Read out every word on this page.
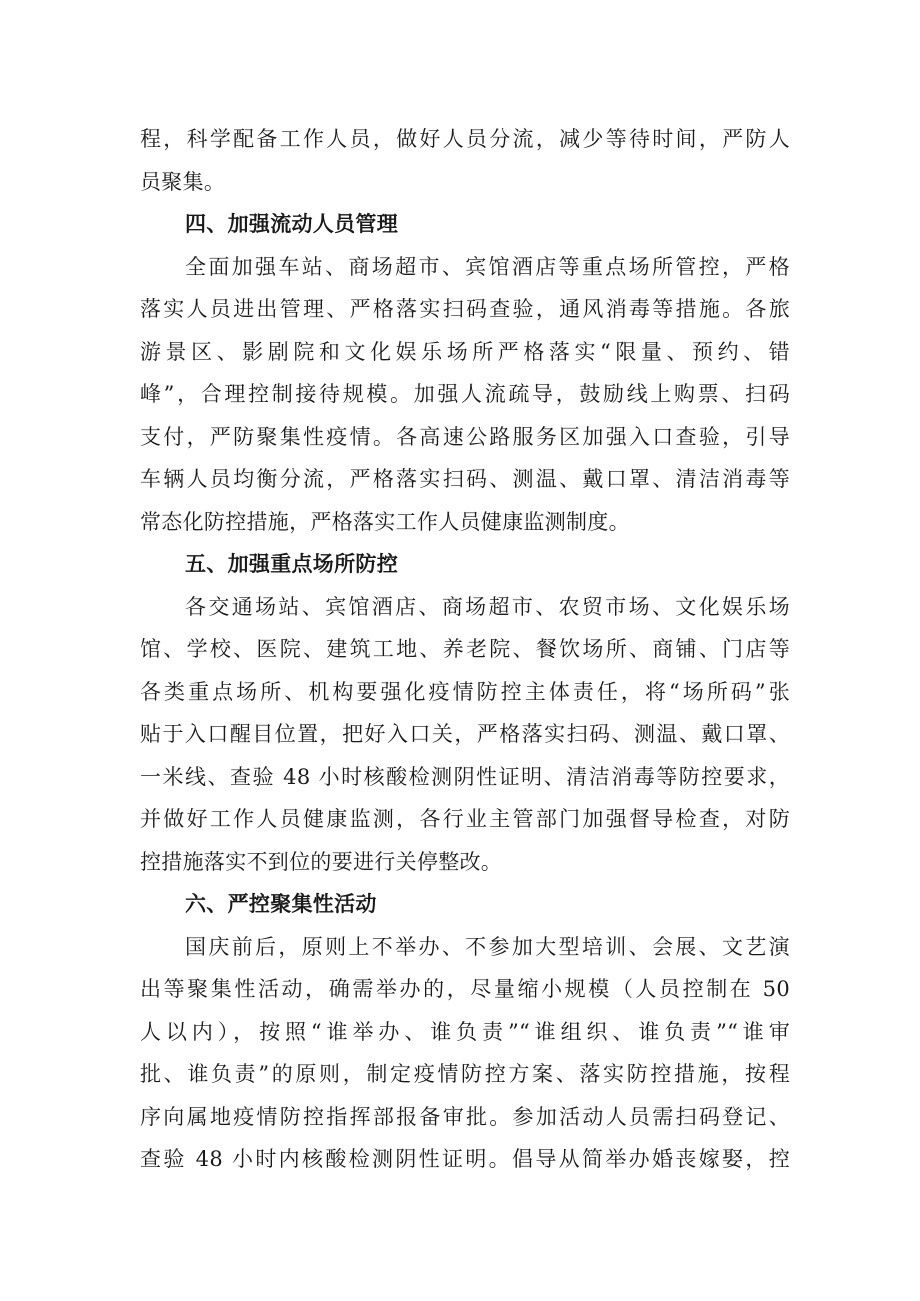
程，科学配备工作人员，做好人员分流，减少等待时间，严防人
员聚集。
四、加强流动人员管理
全面加强车站、商场超市、宾馆酒店等重点场所管控，严格
落实人员进出管理、严格落实扫码查验，通风消毒等措施。各旅
游景区、影剧院和文化娱乐场所严格落实“限量、预约、错
峰”，合理控制接待规模。加强人流疏导，鼓励线上购票、扫码
支付，严防聚集性疫情。各高速公路服务区加强入口查验，引导
车辆人员均衡分流，严格落实扫码、测温、戴口罩、清洁消毒等
常态化防控措施，严格落实工作人员健康监测制度。
五、加强重点场所防控
各交通场站、宾馆酒店、商场超市、农贸市场、文化娱乐场
馆、学校、医院、建筑工地、养老院、餐饮场所、商铺、门店等
各类重点场所、机构要强化疫情防控主体责任，将“场所码”张
贴于入口醒目位置，把好入口关，严格落实扫码、测温、戴口罩、
一米线、查验 48 小时核酸检测阴性证明、清洁消毒等防控要求，
并做好工作人员健康监测，各行业主管部门加强督导检查，对防
控措施落实不到位的要进行关停整改。
六、严控聚集性活动
国庆前后，原则上不举办、不参加大型培训、会展、文艺演
出等聚集性活动，确需举办的，尽量缩小规模（人员控制在 50
人以内），按照“谁举办、谁负责”“谁组织、谁负责”“谁审
批、谁负责”的原则，制定疫情防控方案、落实防控措施，按程
序向属地疫情防控指挥部报备审批。参加活动人员需扫码登记、
查验 48 小时内核酸检测阴性证明。倡导从简举办婚丧嫁娶，控
